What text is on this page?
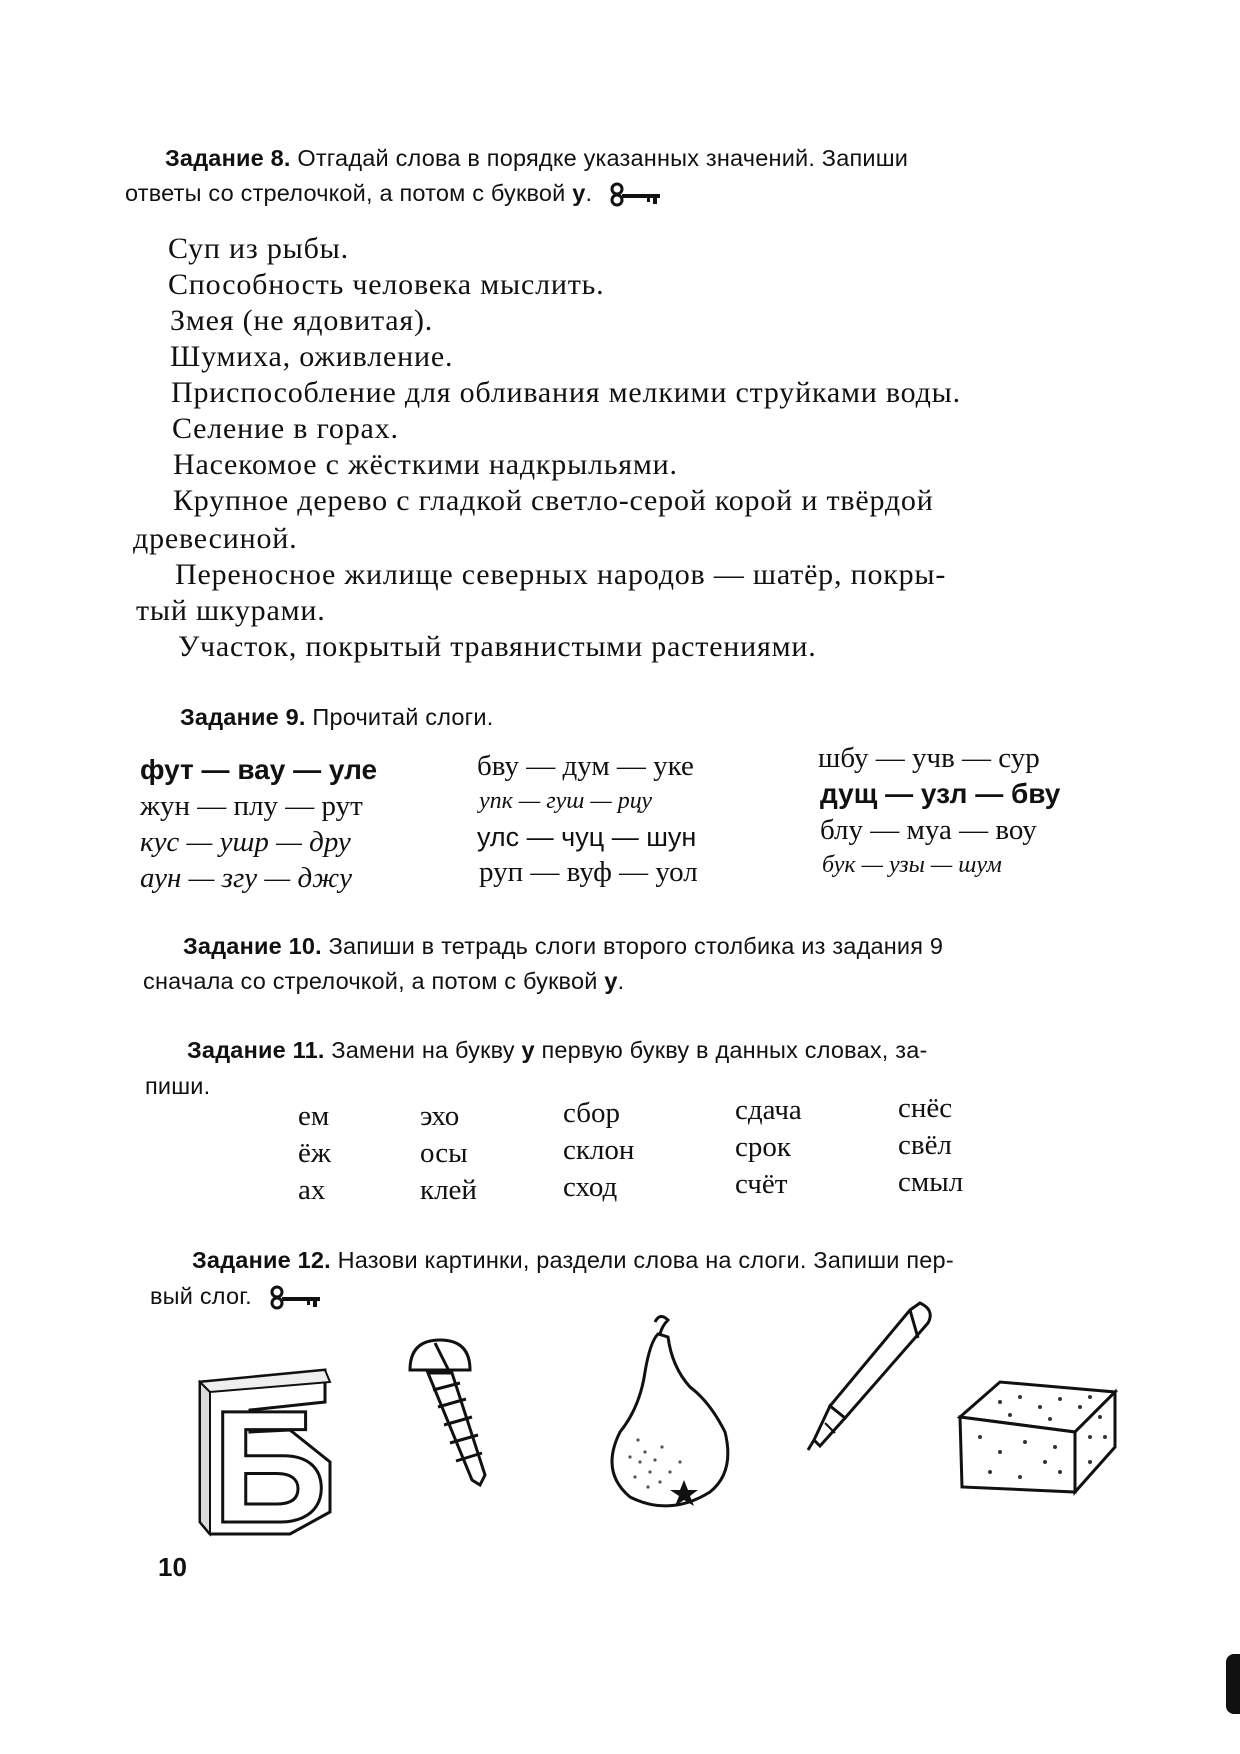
Задание 8. Отгадай слова в порядке указанных значений. Запиши
ответы со стрелочкой, а потом с буквой у.
Суп из рыбы.
Способность человека мыслить.
Змея (не ядовитая).
Шумиха, оживление.
Приспособление для обливания мелкими струйками воды.
Селение в горах.
Насекомое с жёсткими надкрыльями.
Крупное дерево с гладкой светло-серой корой и твёрдой
древесиной.
Переносное жилище северных народов — шатёр, покры-
тый шкурами.
Участок, покрытый травянистыми растениями.
Задание 9. Прочитай слоги.
фут — вау — уле
жун — плу — рут
кус — ушр — дру
аун — згу — джу
бву — дум — уке
упк — гуш — рцу
улс — чуц — шун
руп — вуф — уол
шбу — учв — сур
дущ — узл — бву
блу — муа — воу
бук — узы — шум
Задание 10. Запиши в тетрадь слоги второго столбика из задания 9
сначала со стрелочкой, а потом с буквой у.
Задание 11. Замени на букву у первую букву в данных словах, за-
пиши.
ем
ёж
ах
эхо
осы
клей
сбор
склон
сход
сдача
срок
счёт
снёс
свёл
смыл
Задание 12. Назови картинки, раздели слова на слоги. Запиши пер-
вый слог.
Б
10
